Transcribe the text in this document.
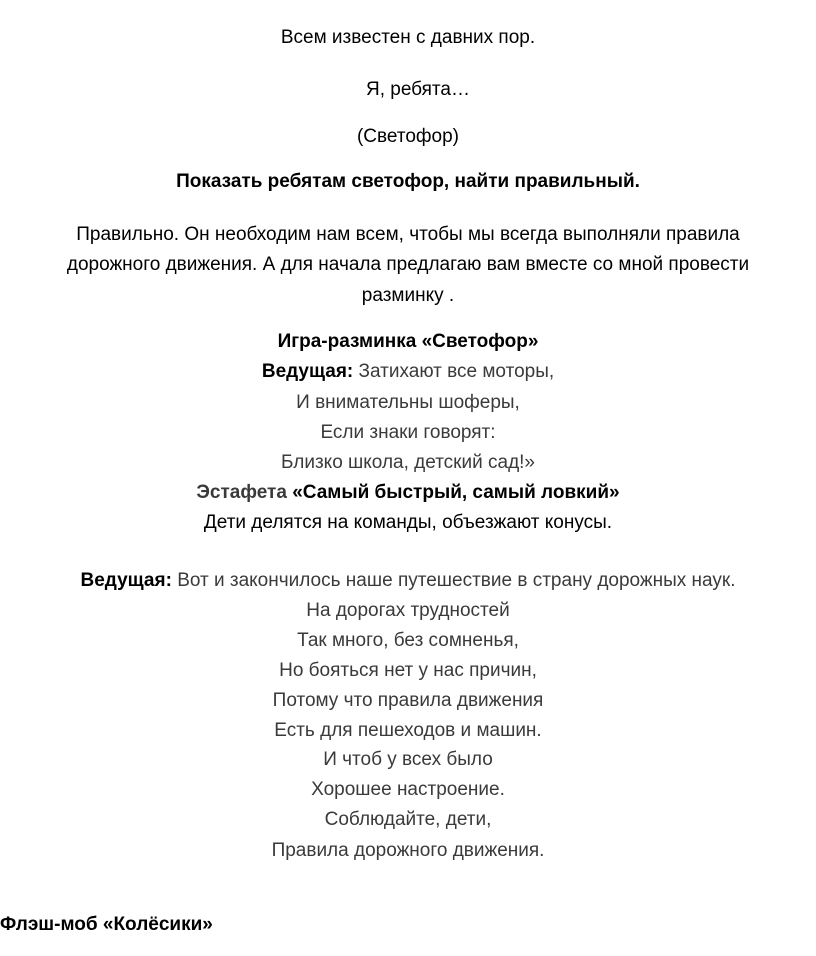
Всем известен с давних пор.
Я, ребята…
(Светофор)
Показать ребятам светофор, найти правильный.
Правильно. Он необходим нам всем, чтобы мы всегда выполняли правила
дорожного движения. А для начала предлагаю вам вместе со мной провести
разминку .
Игра-разминка «Светофор»
Ведущая: Затихают все моторы,
И внимательны шоферы,
Если знаки говорят:
Близко школа, детский сад!»
Эстафета «Самый быстрый, самый ловкий»
Дети делятся на команды, объезжают конусы.
Ведущая: Вот и закончилось наше путешествие в страну дорожных наук.
На дорогах трудностей
Так много, без сомненья,
Но бояться нет у нас причин,
Потому что правила движения
Есть для пешеходов и машин.
И чтоб у всех было
Хорошее настроение.
Соблюдайте, дети,
Правила дорожного движения.
Флэш-моб «Колёсики»
